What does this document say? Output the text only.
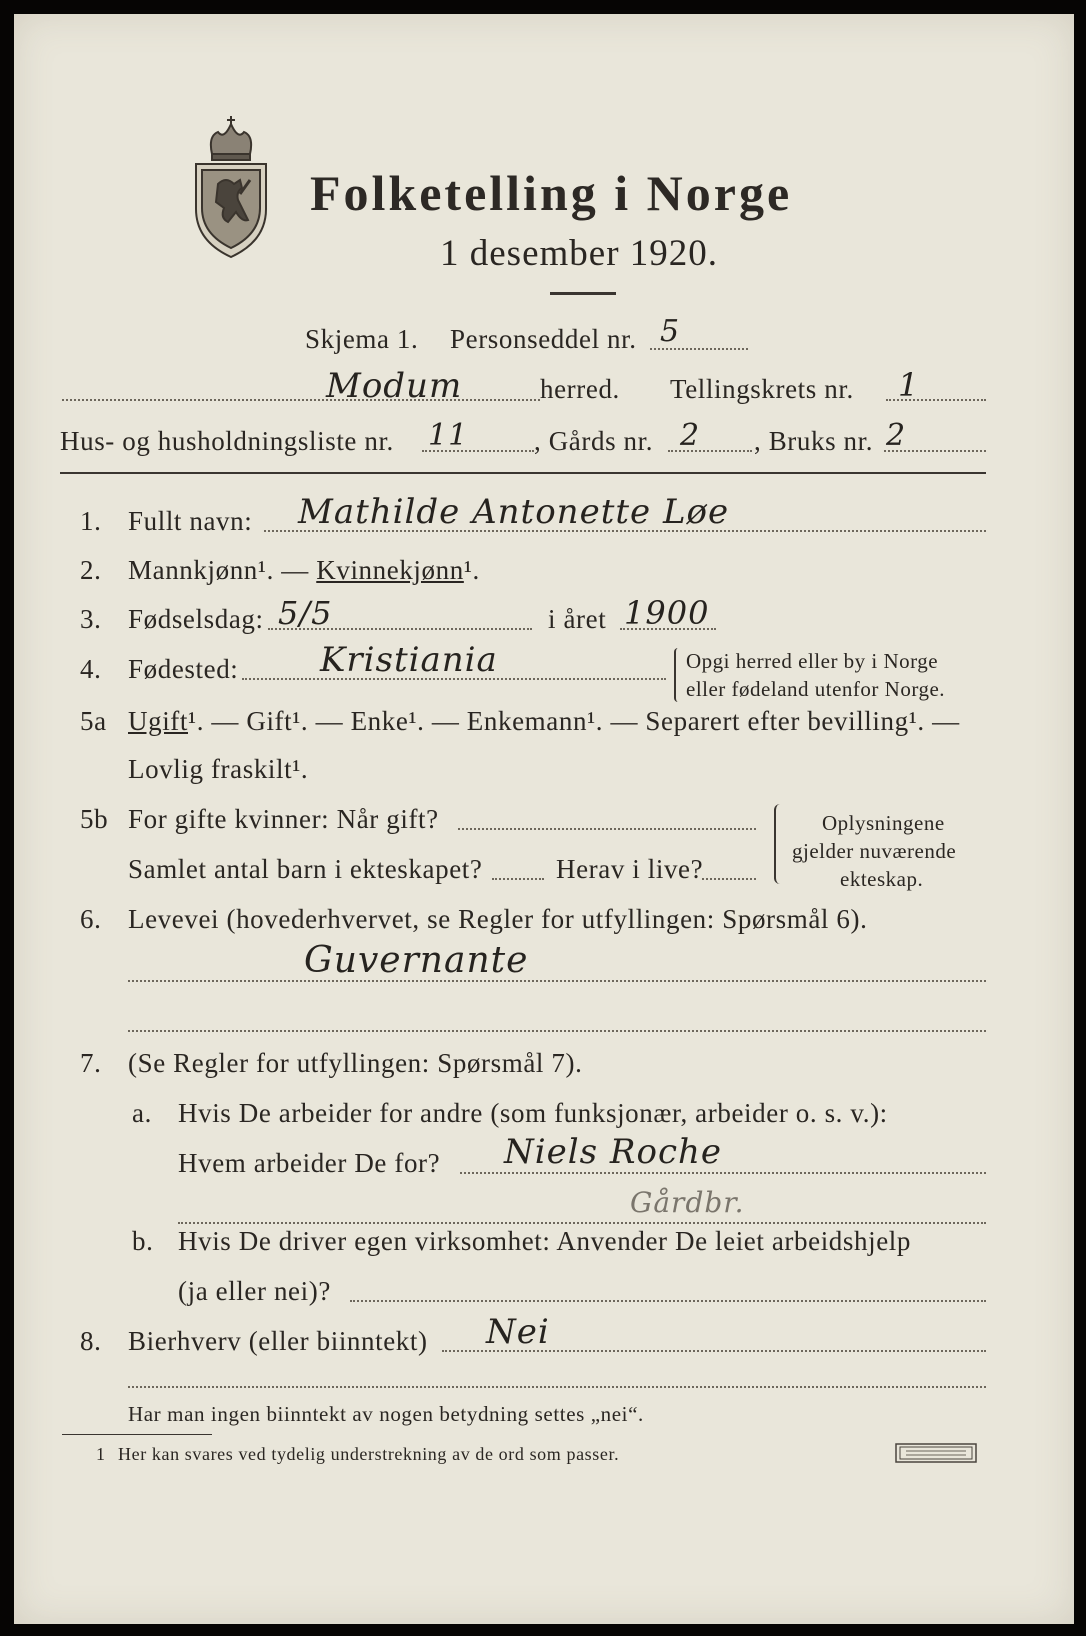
Folketelling i Norge
1 desember 1920.
Skjema 1. Personseddel nr. 5
Modum	herred. Tellingskrets nr. 1
Hus- og husholdningsliste nr. 11 , Gårds nr. 2 , Bruks nr. 2
1. Fullt navn: Mathilde Antonette Løe
2. Mannkjønn¹. — Kvinnekjønn¹.
3. Fødselsdag: 5/5	i året 1900
4. Fødested: Kristiania	Opgi herred eller by i Norge
eller fødeland utenfor Norge.
5a Ugift¹. — Gift¹. — Enke¹. — Enkemann¹. — Separert efter bevilling¹. —
Lovlig fraskilt¹.
5b For gifte kvinner: Når gift?
Samlet antal barn i ekteskapet?	Herav i live?
Oplysningene
gjelder nuværende
ekteskap.
6. Levevei (hovederhvervet, se Regler for utfyllingen: Spørsmål 6).
Guvernante
7. (Se Regler for utfyllingen: Spørsmål 7).
a. Hvis De arbeider for andre (som funksjonær, arbeider o. s. v.):
Hvem arbeider De for? Niels Roche
Gårdbr.
b. Hvis De driver egen virksomhet: Anvender De leiet arbeidshjelp
(ja eller nei)?
8. Bierhverv (eller biinntekt) Nei
Har man ingen biinntekt av nogen betydning settes „nei“.
1 Her kan svares ved tydelig understrekning av de ord som passer.
